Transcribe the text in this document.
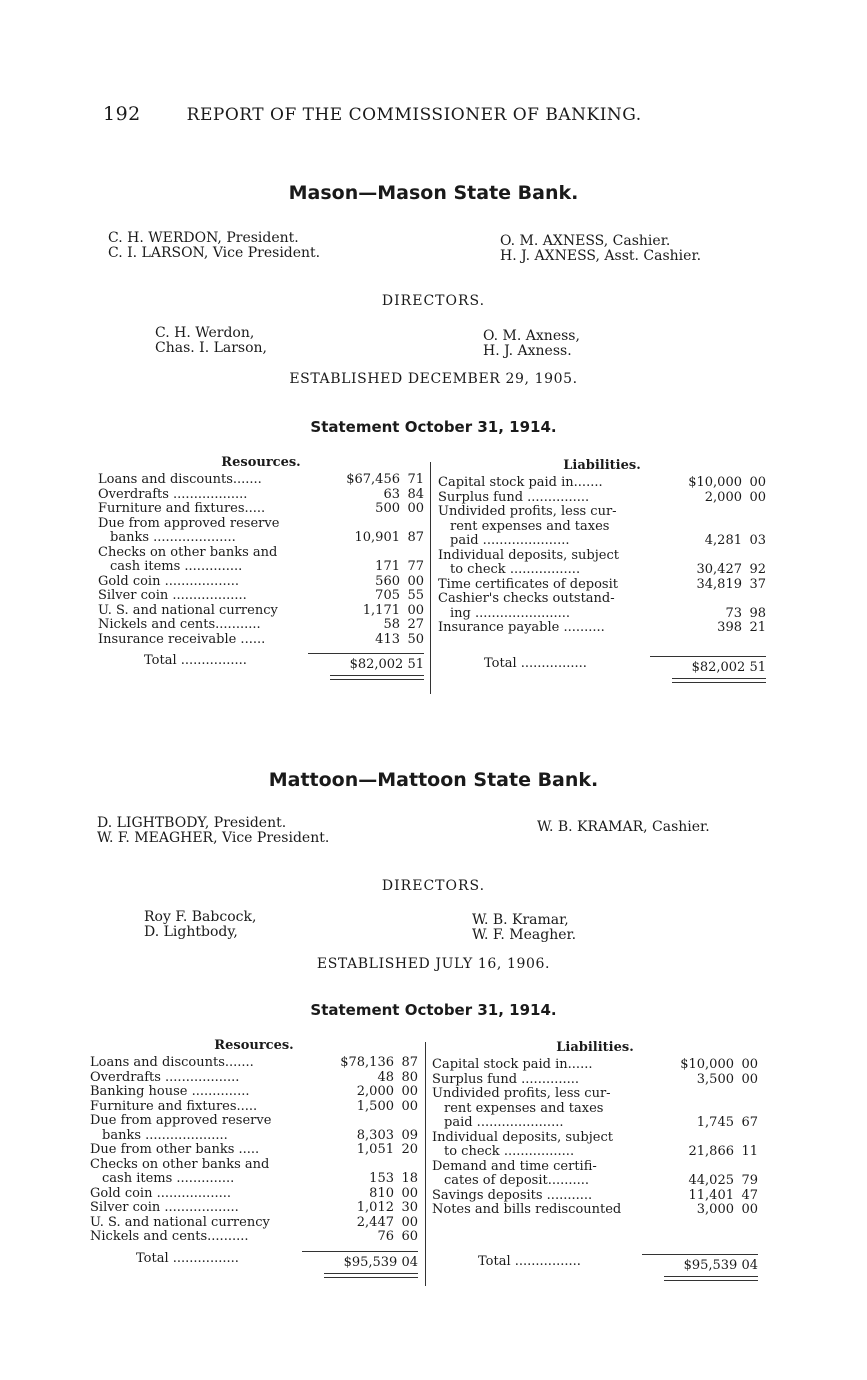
192	REPORT OF THE COMMISSIONER OF BANKING.
Mason—Mason State Bank.
C. H. WERDON, President.
C. I. LARSON, Vice President.
O. M. AXNESS, Cashier.
H. J. AXNESS, Asst. Cashier.
DIRECTORS.
C. H. Werdon,
Chas. I. Larson,
O. M. Axness,
H. J. Axness.
ESTABLISHED DECEMBER 29, 1905.
Statement October 31, 1914.
Resources.
Loans and discounts.......	$67,456 71
Overdrafts ..................	63 84
Furniture and fixtures.....	500 00
Due from approved reserve
banks ....................	10,901 87
Checks on other banks and
cash items ..............	171 77
Gold coin ..................	560 00
Silver coin ..................	705 55
U. S. and national currency	1,171 00
Nickels and cents...........	58 27
Insurance receivable ......	413 50
Total ................	$82,002 51
Liabilities.
Capital stock paid in.......	$10,000 00
Surplus fund ...............	2,000 00
Undivided profits, less cur-
rent expenses and taxes
paid .....................	4,281 03
Individual deposits, subject
to check .................	30,427 92
Time certificates of deposit	34,819 37
Cashier's checks outstand-
ing .......................	73 98
Insurance payable ..........	398 21
Total ................	$82,002 51
Mattoon—Mattoon State Bank.
D. LIGHTBODY, President.
W. F. MEAGHER, Vice President.
W. B. KRAMAR, Cashier.
DIRECTORS.
Roy F. Babcock,
D. Lightbody,
W. B. Kramar,
W. F. Meagher.
ESTABLISHED JULY 16, 1906.
Statement October 31, 1914.
Resources.
Loans and discounts.......	$78,136 87
Overdrafts ..................	48 80
Banking house ..............	2,000 00
Furniture and fixtures.....	1,500 00
Due from approved reserve
banks ....................	8,303 09
Due from other banks .....	1,051 20
Checks on other banks and
cash items ..............	153 18
Gold coin ..................	810 00
Silver coin ..................	1,012 30
U. S. and national currency	2,447 00
Nickels and cents..........	76 60
Total ................	$95,539 04
Liabilities.
Capital stock paid in......	$10,000 00
Surplus fund ..............	3,500 00
Undivided profits, less cur-
rent expenses and taxes
paid .....................	1,745 67
Individual deposits, subject
to check .................	21,866 11
Demand and time certifi-
cates of deposit..........	44,025 79
Savings deposits ...........	11,401 47
Notes and bills rediscounted	3,000 00
Total ................	$95,539 04
